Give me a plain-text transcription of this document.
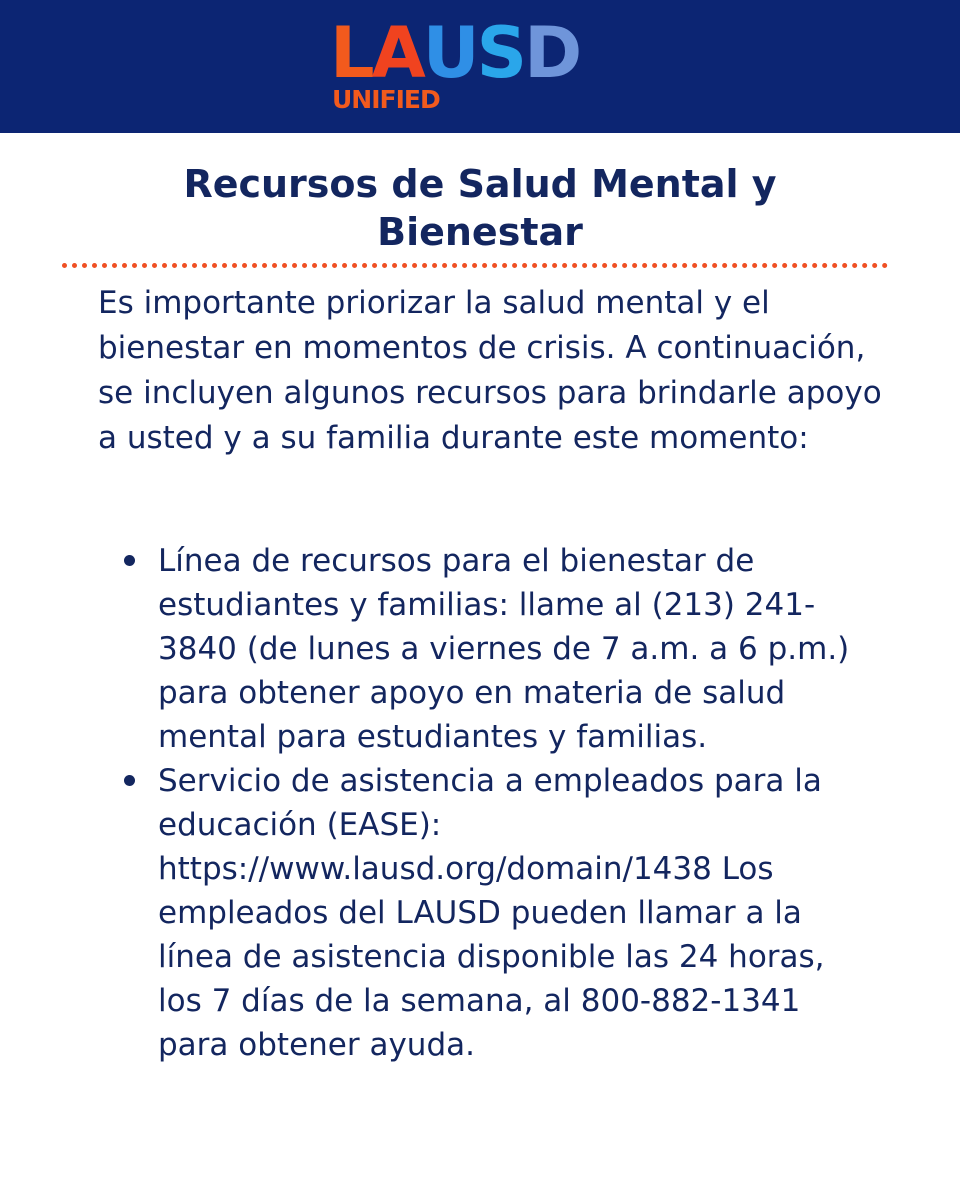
LAUSD
UNIFIED
Recursos de Salud Mental y Bienestar

Es importante priorizar la salud mental y el bienestar en momentos de crisis. A continuación, se incluyen algunos recursos para brindarle apoyo a usted y a su familia durante este momento:

Línea de recursos para el bienestar de estudiantes y familias: llame al (213) 241-3840 (de lunes a viernes de 7 a.m. a 6 p.m.) para obtener apoyo en materia de salud mental para estudiantes y familias.
Servicio de asistencia a empleados para la educación (EASE): https://www.lausd.org/domain/1438 Los empleados del LAUSD pueden llamar a la línea de asistencia disponible las 24 horas, los 7 días de la semana, al 800-882-1341 para obtener ayuda.
